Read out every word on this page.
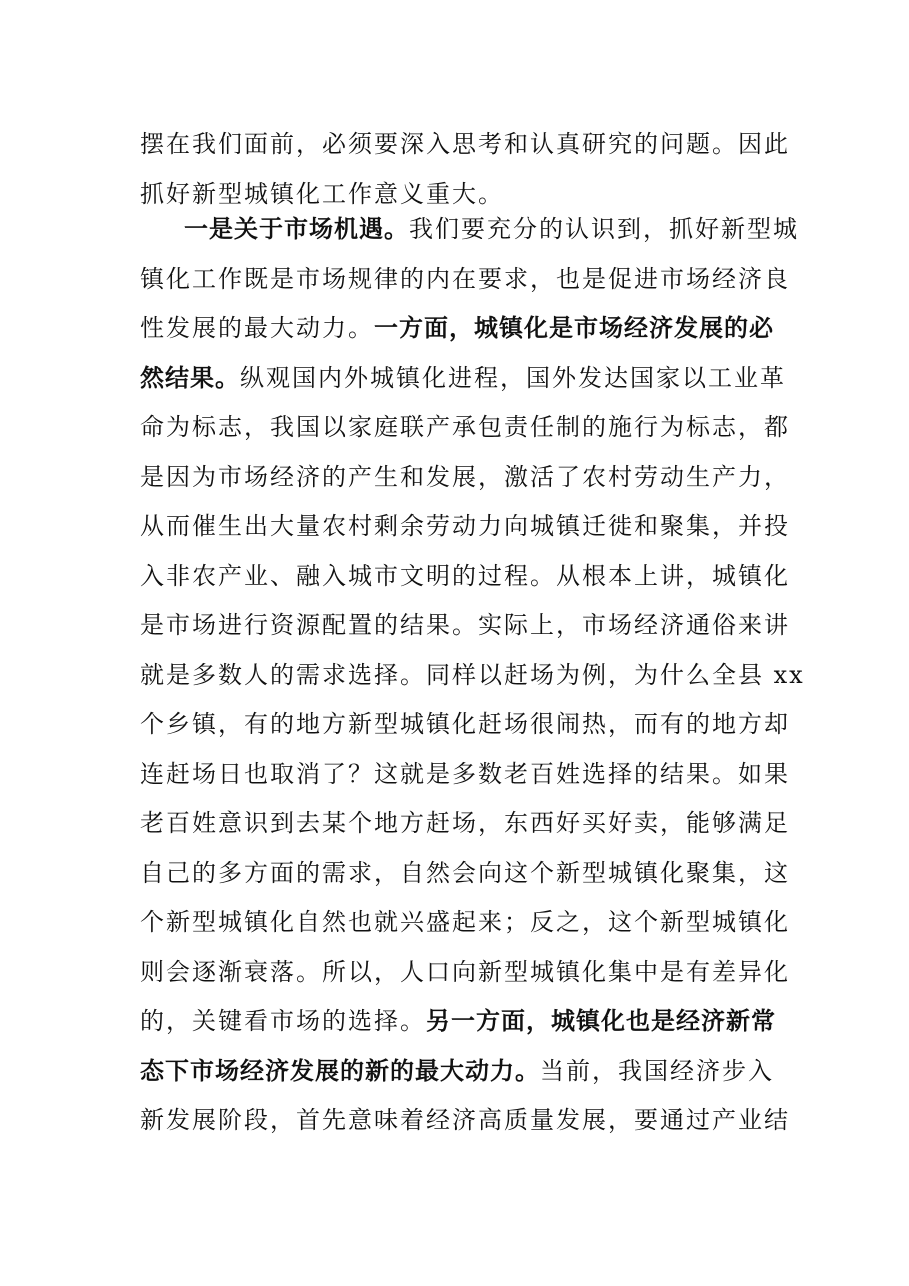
摆在我们面前，必须要深入思考和认真研究的问题。因此
抓好新型城镇化工作意义重大。
一是关于市场机遇。我们要充分的认识到，抓好新型城
镇化工作既是市场规律的内在要求，也是促进市场经济良
性发展的最大动力。一方面，城镇化是市场经济发展的必
然结果。纵观国内外城镇化进程，国外发达国家以工业革
命为标志，我国以家庭联产承包责任制的施行为标志，都
是因为市场经济的产生和发展，激活了农村劳动生产力，
从而催生出大量农村剩余劳动力向城镇迁徙和聚集，并投
入非农产业、融入城市文明的过程。从根本上讲，城镇化
是市场进行资源配置的结果。实际上，市场经济通俗来讲
就是多数人的需求选择。同样以赶场为例，为什么全县 xx
个乡镇，有的地方新型城镇化赶场很闹热，而有的地方却
连赶场日也取消了？这就是多数老百姓选择的结果。如果
老百姓意识到去某个地方赶场，东西好买好卖，能够满足
自己的多方面的需求，自然会向这个新型城镇化聚集，这
个新型城镇化自然也就兴盛起来；反之，这个新型城镇化
则会逐渐衰落。所以，人口向新型城镇化集中是有差异化
的，关键看市场的选择。另一方面，城镇化也是经济新常
态下市场经济发展的新的最大动力。当前，我国经济步入
新发展阶段，首先意味着经济高质量发展，要通过产业结
